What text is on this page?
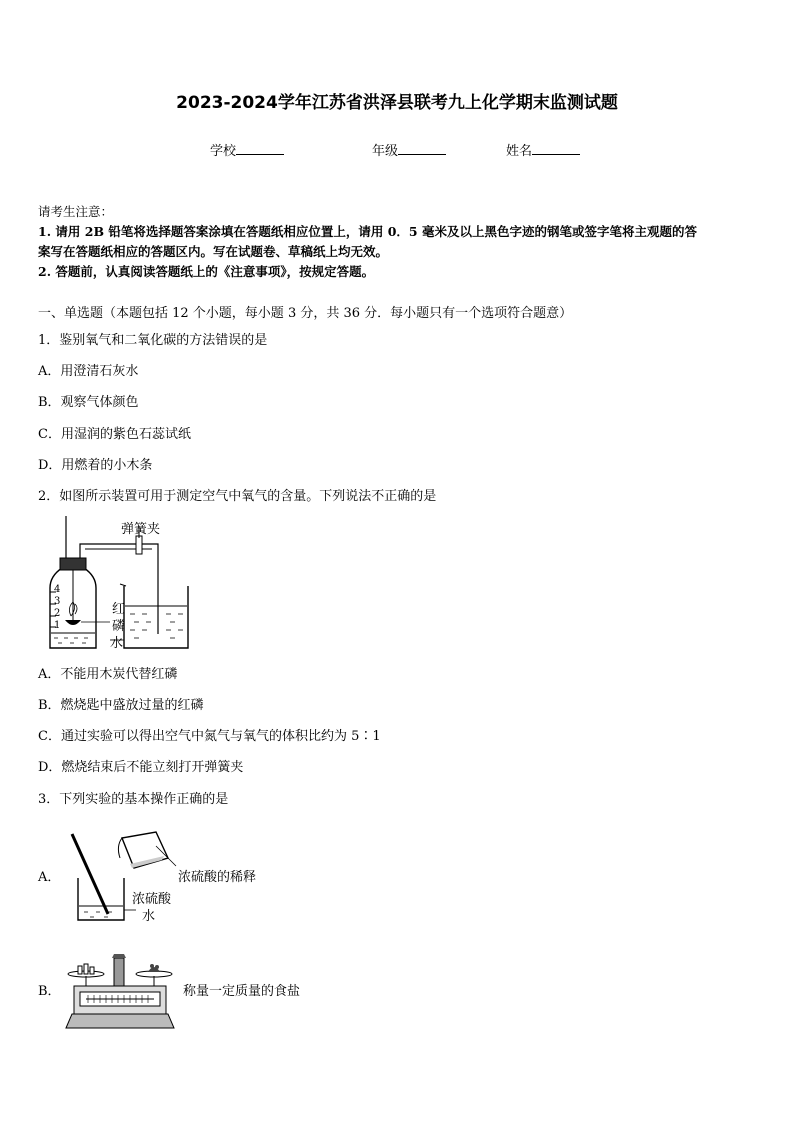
2023-2024学年江苏省洪泽县联考九上化学期末监测试题
学校	年级	姓名
请考生注意：
1. 请用 2B 铅笔将选择题答案涂填在答题纸相应位置上，请用 0．5 毫米及以上黑色字迹的钢笔或签字笔将主观题的答
案写在答题纸相应的答题区内。写在试题卷、草稿纸上均无效。
2. 答题前，认真阅读答题纸上的《注意事项》，按规定答题。
一、单选题（本题包括 12 个小题，每小题 3 分，共 36 分．每小题只有一个选项符合题意）
1．鉴别氧气和二氧化碳的方法错误的是
A．用澄清石灰水
B．观察气体颜色
C．用湿润的紫色石蕊试纸
D．用燃着的小木条
2．如图所示装置可用于测定空气中氧气的含量。下列说法不正确的是
弹簧夹
红
磷
水
4
3
2
1
A．不能用木炭代替红磷
B．燃烧匙中盛放过量的红磷
C．通过实验可以得出空气中氮气与氧气的体积比约为 5∶1
D．燃烧结束后不能立刻打开弹簧夹
3．下列实验的基本操作正确的是
A．
浓硫酸
水
浓硫酸的稀释
B．	称量一定质量的食盐
